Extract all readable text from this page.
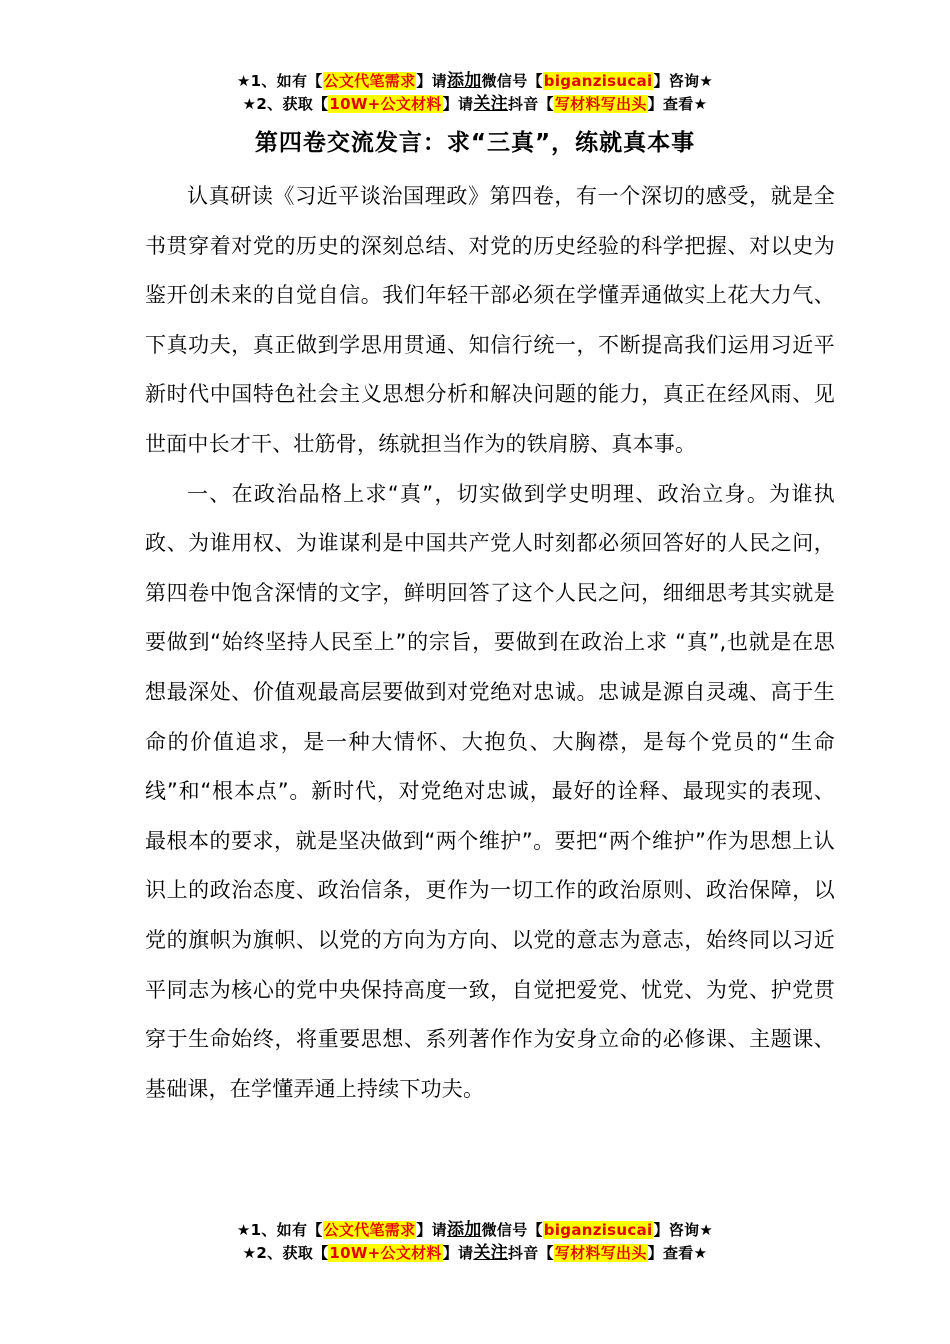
★1、如有【公文代笔需求】请添加微信号【biganzisucai】咨询★
★2、获取【10W+公文材料】请关注抖音【写材料写出头】查看★
第四卷交流发言：求“三真”，练就真本事

认真研读《习近平谈治国理政》第四卷，有一个深切的感受，就是全书贯穿着对党的历史的深刻总结、对党的历史经验的科学把握、对以史为鉴开创未来的自觉自信。我们年轻干部必须在学懂弄通做实上花大力气、下真功夫，真正做到学思用贯通、知信行统一，不断提高我们运用习近平新时代中国特色社会主义思想分析和解决问题的能力，真正在经风雨、见世面中长才干、壮筋骨，练就担当作为的铁肩膀、真本事。

一、在政治品格上求“真”，切实做到学史明理、政治立身。为谁执政、为谁用权、为谁谋利是中国共产党人时刻都必须回答好的人民之问，第四卷中饱含深情的文字，鲜明回答了这个人民之问，细细思考其实就是要做到“始终坚持人民至上”的宗旨，要做到在政治上求 “真”,也就是在思想最深处、价值观最高层要做到对党绝对忠诚。忠诚是源自灵魂、高于生命的价值追求，是一种大情怀、大抱负、大胸襟，是每个党员的“生命线”和“根本点”。新时代，对党绝对忠诚，最好的诠释、最现实的表现、最根本的要求，就是坚决做到“两个维护”。要把“两个维护”作为思想上认识上的政治态度、政治信条，更作为一切工作的政治原则、政治保障，以党的旗帜为旗帜、以党的方向为方向、以党的意志为意志，始终同以习近平同志为核心的党中央保持高度一致，自觉把爱党、忧党、为党、护党贯穿于生命始终，将重要思想、系列著作作为安身立命的必修课、主题课、基础课，在学懂弄通上持续下功夫。

★1、如有【公文代笔需求】请添加微信号【biganzisucai】咨询★
★2、获取【10W+公文材料】请关注抖音【写材料写出头】查看★
